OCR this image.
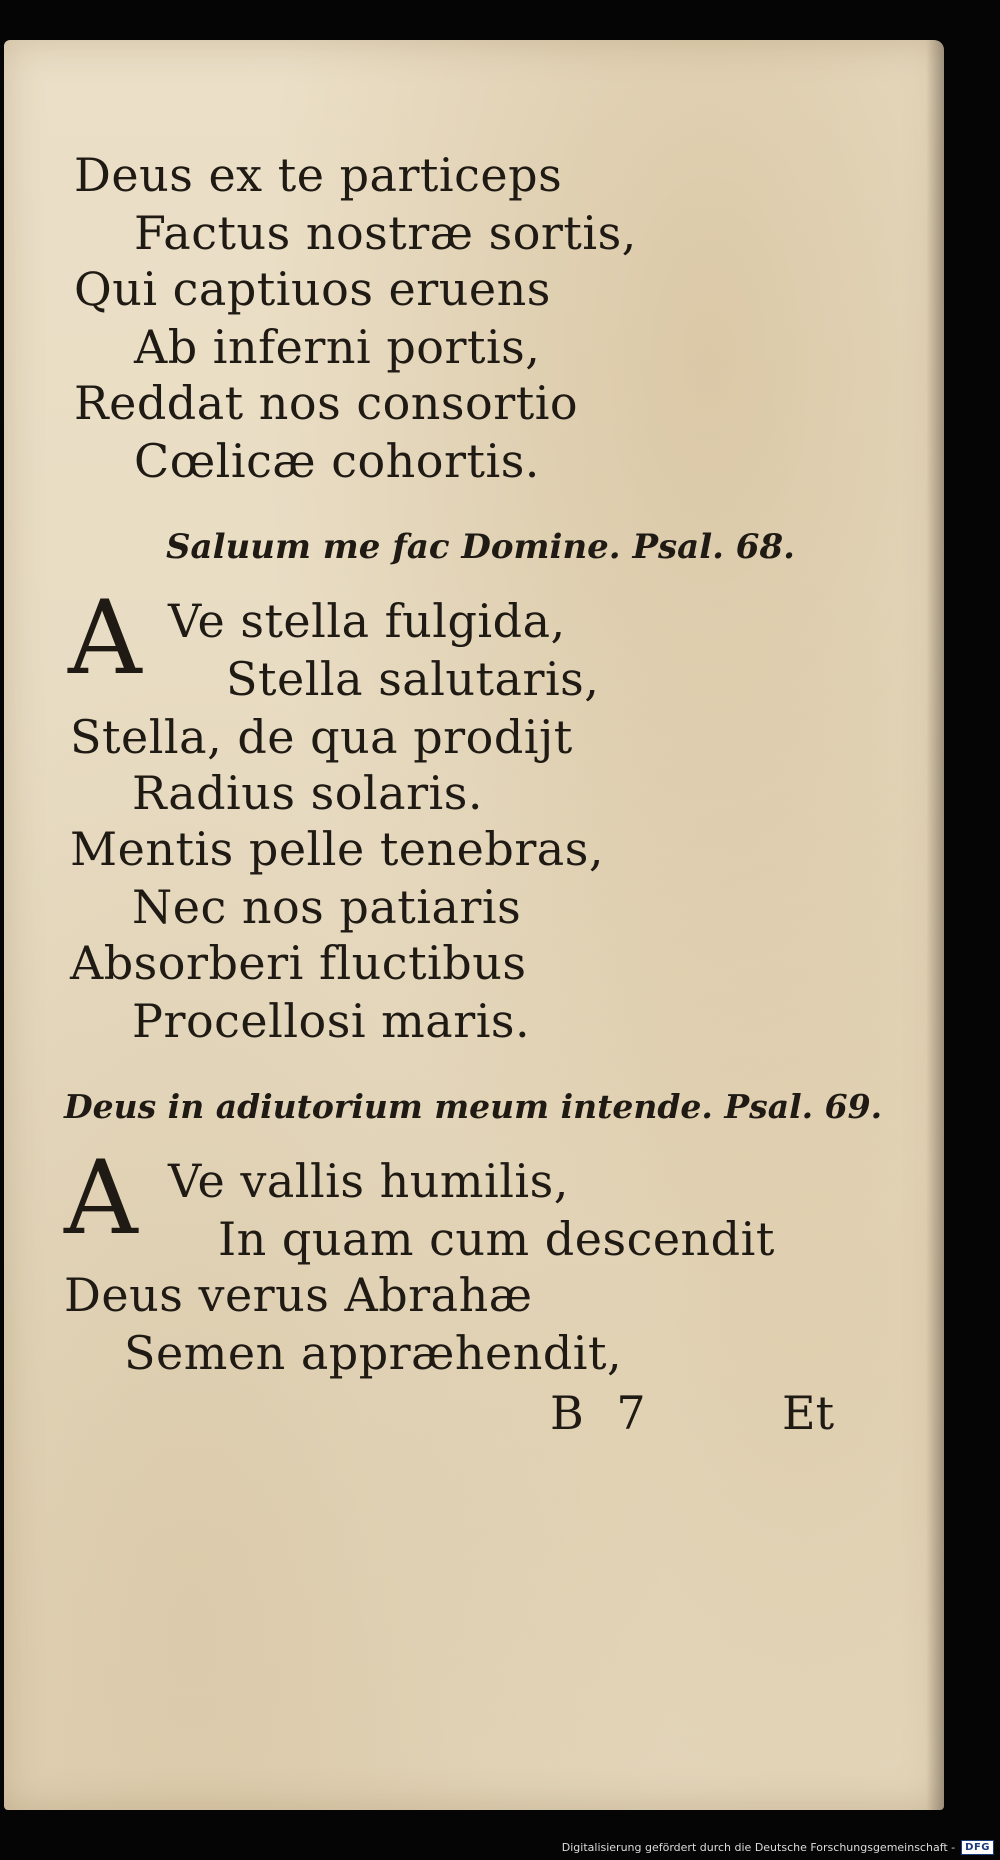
Deus ex te particeps
Factus nostræ sortis,
Qui captiuos eruens
Ab inferni portis,
Reddat nos consortio
Cœlicæ cohortis.
Saluum me fac Domine. Psal. 68.
A Ve stella fulgida,
Stella salutaris,
Stella, de qua prodijt
Radius solaris.
Mentis pelle tenebras,
Nec nos patiaris
Absorberi fluctibus
Procellosi maris.
Deus in adiutorium meum intende. Psal. 69.
A Ve vallis humilis,
In quam cum descendit
Deus verus Abrahæ
Semen appræhendit,
B 7	Et
Digitalisierung gefördert durch die Deutsche Forschungsgemeinschaft -	DFG
